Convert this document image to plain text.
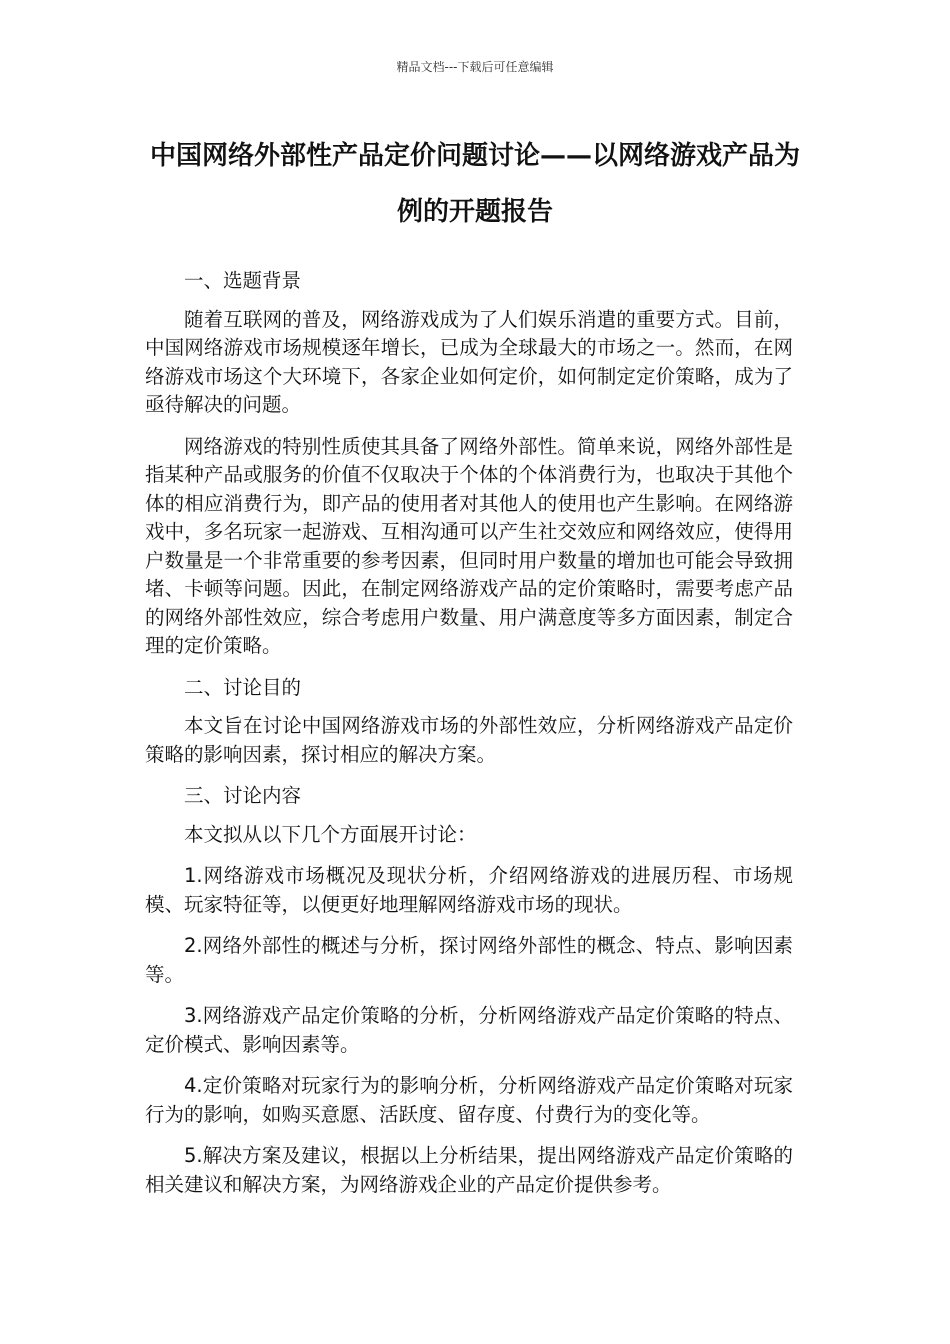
精品文档---下载后可任意编辑
中国网络外部性产品定价问题讨论——以网络游戏产品为例的开题报告

一、选题背景

随着互联网的普及，网络游戏成为了人们娱乐消遣的重要方式。目前，中国网络游戏市场规模逐年增长，已成为全球最大的市场之一。然而，在网络游戏市场这个大环境下，各家企业如何定价，如何制定定价策略，成为了亟待解决的问题。

网络游戏的特别性质使其具备了网络外部性。简单来说，网络外部性是指某种产品或服务的价值不仅取决于个体的个体消费行为，也取决于其他个体的相应消费行为，即产品的使用者对其他人的使用也产生影响。在网络游戏中，多名玩家一起游戏、互相沟通可以产生社交效应和网络效应，使得用户数量是一个非常重要的参考因素，但同时用户数量的增加也可能会导致拥堵、卡顿等问题。因此，在制定网络游戏产品的定价策略时，需要考虑产品的网络外部性效应，综合考虑用户数量、用户满意度等多方面因素，制定合理的定价策略。

二、讨论目的

本文旨在讨论中国网络游戏市场的外部性效应，分析网络游戏产品定价策略的影响因素，探讨相应的解决方案。

三、讨论内容

本文拟从以下几个方面展开讨论：

1.网络游戏市场概况及现状分析，介绍网络游戏的进展历程、市场规模、玩家特征等，以便更好地理解网络游戏市场的现状。

2.网络外部性的概述与分析，探讨网络外部性的概念、特点、影响因素等。

3.网络游戏产品定价策略的分析，分析网络游戏产品定价策略的特点、定价模式、影响因素等。

4.定价策略对玩家行为的影响分析，分析网络游戏产品定价策略对玩家行为的影响，如购买意愿、活跃度、留存度、付费行为的变化等。

5.解决方案及建议，根据以上分析结果，提出网络游戏产品定价策略的相关建议和解决方案，为网络游戏企业的产品定价提供参考。
